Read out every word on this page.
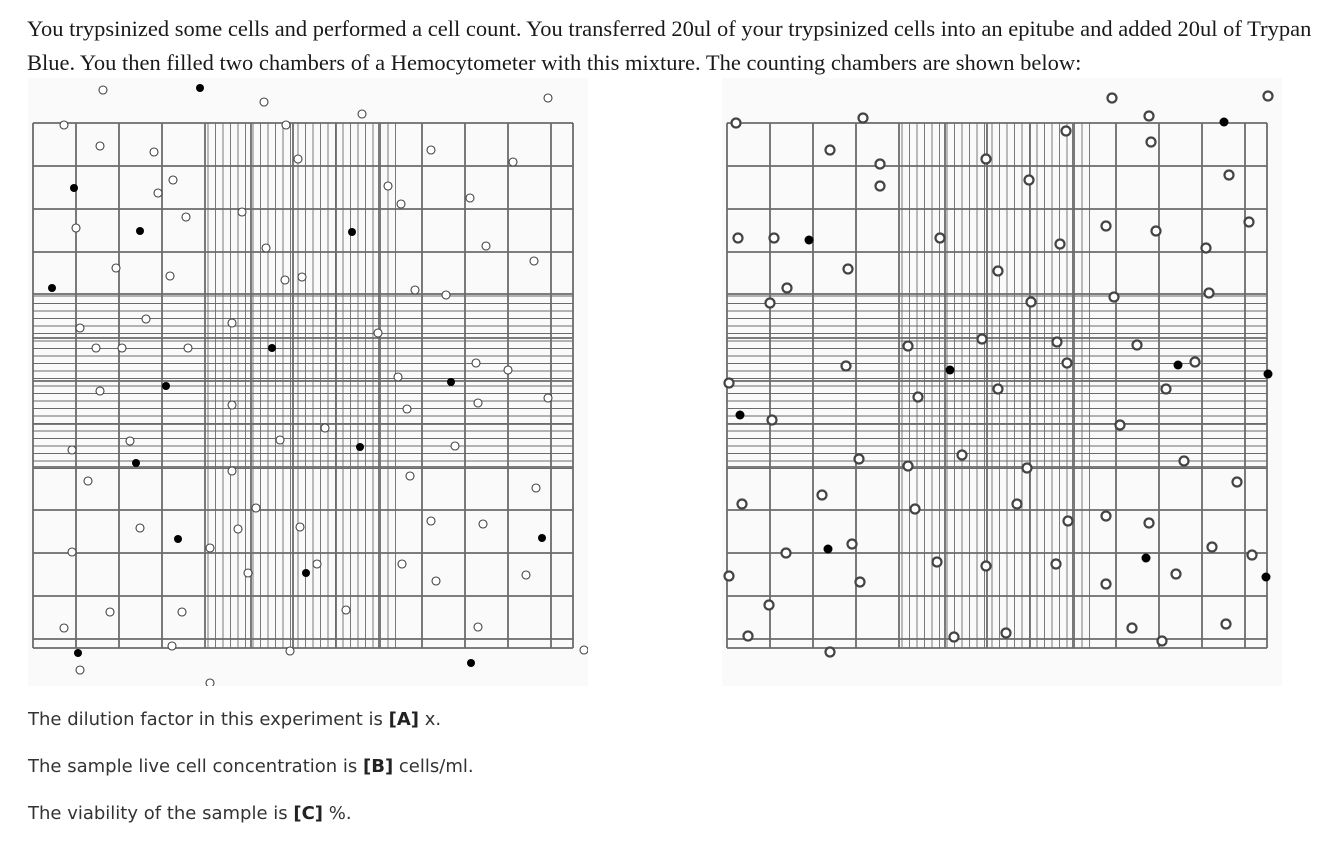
You trypsinized some cells and performed a cell count. You transferred 20ul of your trypsinized cells into an epitube and added 20ul of Trypan Blue. You then filled two chambers of a Hemocytometer with this mixture. The counting chambers are shown below:

The dilution factor in this experiment is [A] x.

The sample live cell concentration is [B] cells/ml.

The viability of the sample is [C] %.
